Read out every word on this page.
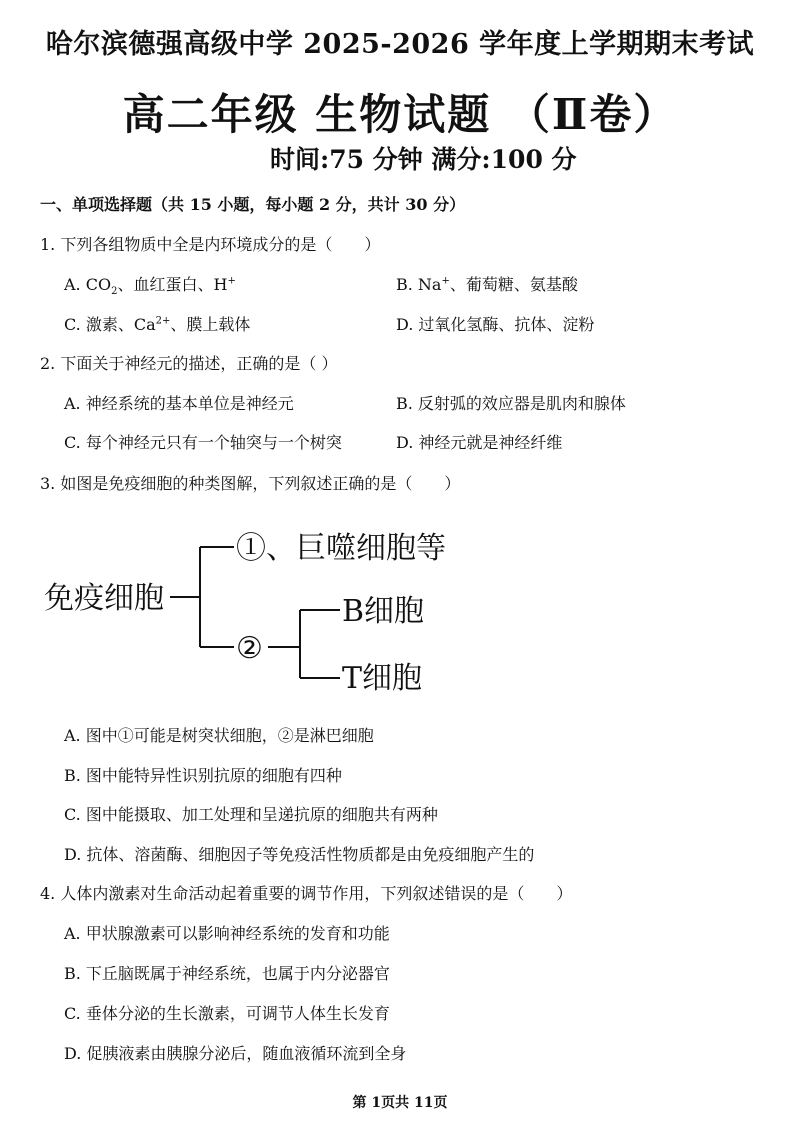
哈尔滨德强高级中学 2025-2026 学年度上学期期末考试
高二年级 生物试题 （Ⅱ卷）
时间:75 分钟 满分:100 分
一、单项选择题（共 15 小题，每小题 2 分，共计 30 分）
1. 下列各组物质中全是内环境成分的是（　　）
A. $CO_2$、血红蛋白、H+	B. Na+、葡萄糖、氨基酸
C. 激素、$Ca^{2+}$、膜上载体	D. 过氧化氢酶、抗体、淀粉
2. 下面关于神经元的描述，正确的是（ ）
A. 神经系统的基本单位是神经元	B. 反射弧的效应器是肌肉和腺体
C. 每个神经元只有一个轴突与一个树突	D. 神经元就是神经纤维
3. 如图是免疫细胞的种类图解，下列叙述正确的是（　　）
免疫细胞
①、巨噬细胞等
②
B细胞
T细胞
A. 图中①可能是树突状细胞，②是淋巴细胞
B. 图中能特异性识别抗原的细胞有四种
C. 图中能摄取、加工处理和呈递抗原的细胞共有两种
D. 抗体、溶菌酶、细胞因子等免疫活性物质都是由免疫细胞产生的
4. 人体内激素对生命活动起着重要的调节作用，下列叙述错误的是（　　）
A. 甲状腺激素可以影响神经系统的发育和功能
B. 下丘脑既属于神经系统，也属于内分泌器官
C. 垂体分泌的生长激素，可调节人体生长发育
D. 促胰液素由胰腺分泌后，随血液循环流到全身
第 1页共 11页
